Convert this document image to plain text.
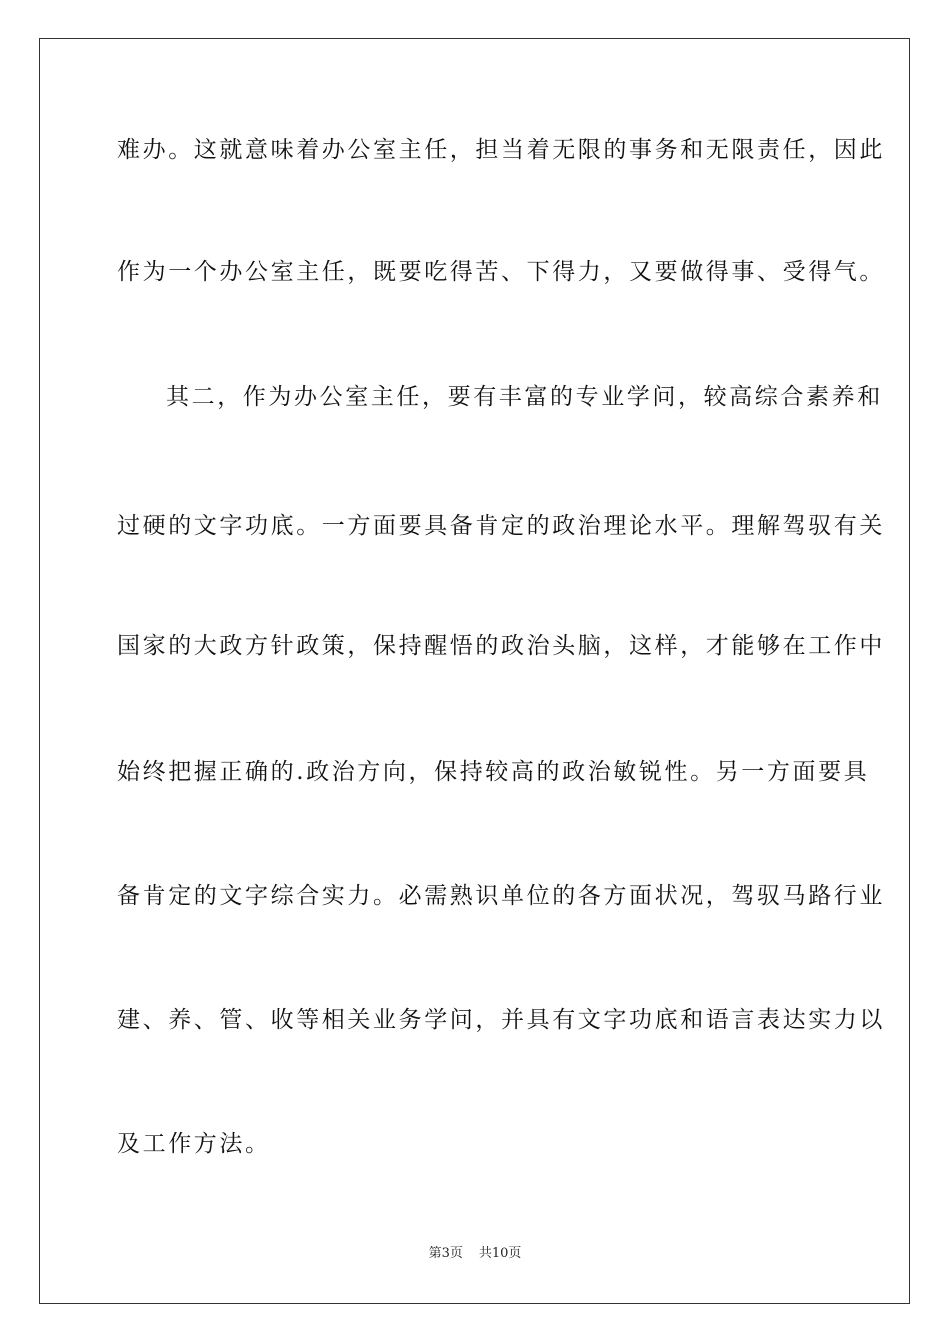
难办。这就意味着办公室主任，担当着无限的事务和无限责任，因此
作为一个办公室主任，既要吃得苦、下得力，又要做得事、受得气。
其二，作为办公室主任，要有丰富的专业学问，较高综合素养和
过硬的文字功底。一方面要具备肯定的政治理论水平。理解驾驭有关
国家的大政方针政策，保持醒悟的政治头脑，这样，才能够在工作中
始终把握正确的.政治方向，保持较高的政治敏锐性。另一方面要具
备肯定的文字综合实力。必需熟识单位的各方面状况，驾驭马路行业
建、养、管、收等相关业务学问，并具有文字功底和语言表达实力以
及工作方法。
第3页 共10页
